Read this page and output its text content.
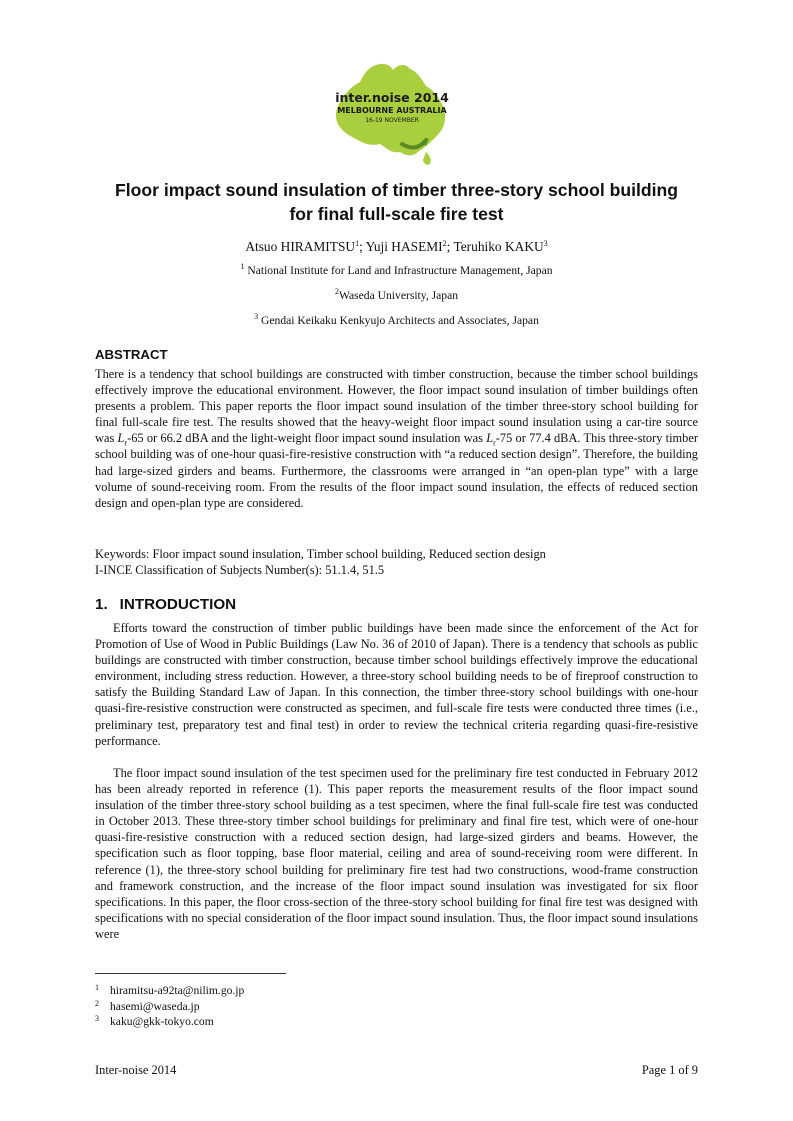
inter.noise 2014
MELBOURNE AUSTRALIA
16-19 NOVEMBER
Floor impact sound insulation of timber three-story school building
for final full-scale fire test
Atsuo HIRAMITSU$^1$; Yuji HASEMI$^2$; Teruhiko KAKU$^3$
$^1$ National Institute for Land and Infrastructure Management, Japan
$^2$Waseda University, Japan
$^3$ Gendai Keikaku Kenkyujo Architects and Associates, Japan
ABSTRACT

There is a tendency that school buildings are constructed with timber construction, because the timber school buildings effectively improve the educational environment. However, the floor impact sound insulation of timber buildings often presents a problem. This paper reports the floor impact sound insulation of the timber three-story school building for final full-scale fire test. The results showed that the heavy-weight floor impact sound insulation using a car-tire source was $L_r-65$ or 66.2 dBA and the light-weight floor impact sound insulation was $L_r-75$ or 77.4 dBA. This three-story timber school building was of one-hour quasi-fire-resistive construction with “a reduced section design”. Therefore, the building had large-sized girders and beams. Furthermore, the classrooms were arranged in “an open-plan type” with a large volume of sound-receiving room. From the results of the floor impact sound insulation, the effects of reduced section design and open-plan type are considered.

Keywords: Floor impact sound insulation, Timber school building, Reduced section design

I-INCE Classification of Subjects Number(s): 51.1.4, 51.5

1. INTRODUCTION

Efforts toward the construction of timber public buildings have been made since the enforcement of the Act for Promotion of Use of Wood in Public Buildings (Law No. 36 of 2010 of Japan). There is a tendency that schools as public buildings are constructed with timber construction, because timber school buildings effectively improve the educational environment, including stress reduction. However, a three-story school building needs to be of fireproof construction to satisfy the Building Standard Law of Japan. In this connection, the timber three-story school buildings with one-hour quasi-fire-resistive construction were constructed as specimen, and full-scale fire tests were conducted three times (i.e., preliminary test, preparatory test and final test) in order to review the technical criteria regarding quasi-fire-resistive performance.

The floor impact sound insulation of the test specimen used for the preliminary fire test conducted in February 2012 has been already reported in reference (1). This paper reports the measurement results of the floor impact sound insulation of the timber three-story school building as a test specimen, where the final full-scale fire test was conducted in October 2013. These three-story timber school buildings for preliminary and final fire test, which were of one-hour quasi-fire-resistive construction with a reduced section design, had large-sized girders and beams. However, the specification such as floor topping, base floor material, ceiling and area of sound-receiving room were different. In reference (1), the three-story school building for preliminary fire test had two constructions, wood-frame construction and framework construction, and the increase of the floor impact sound insulation was investigated for six floor specifications. In this paper, the floor cross-section of the three-story school building for final fire test was designed with specifications with no special consideration of the floor impact sound insulation. Thus, the floor impact sound insulations were

1 hiramitsu-a92ta@nilim.go.jp
2 hasemi@waseda.jp
3 kaku@gkk-tokyo.com
Inter-noise 2014	Page 1 of 9
